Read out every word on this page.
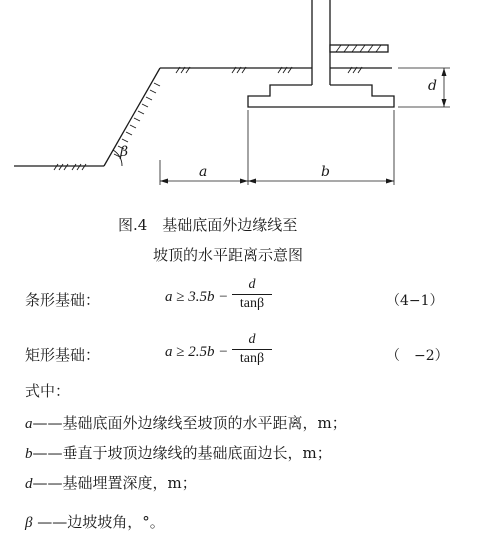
β
a	b
d
图.4　基础底面外边缘线至
坡顶的水平距离示意图
条形基础：	a ≥ 3.5b −
d
tanβ	（4−1）
矩形基础：	a ≥ 2.5b −
d
tanβ	（　−2）
式中：
a——基础底面外边缘线至坡顶的水平距离，m；
b——垂直于坡顶边缘线的基础底面边长，m；
d——基础埋置深度，m；
β ——边坡坡角，°。
